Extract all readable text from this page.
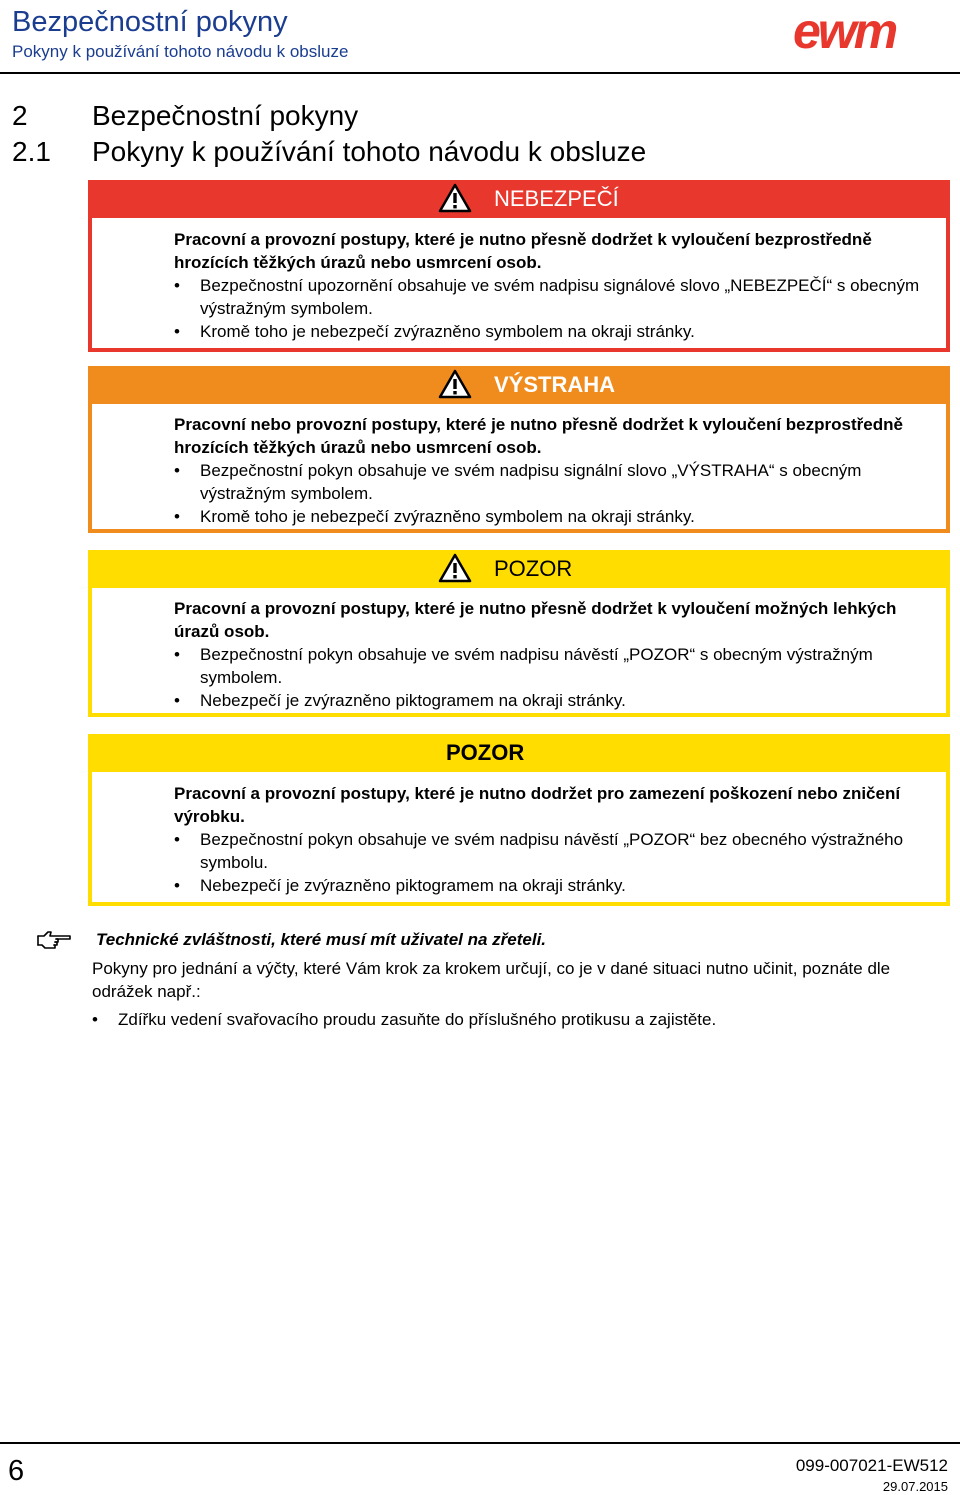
Bezpečnostní pokyny
Pokyny k používání tohoto návodu k obsluze	ewm
2 Bezpečnostní pokyny
2.1 Pokyny k používání tohoto návodu k obsluze
NEBEZPEČÍ
Pracovní a provozní postupy, které je nutno přesně dodržet k vyloučení bezprostředně hrozících těžkých úrazů nebo usmrcení osob.
• Bezpečnostní upozornění obsahuje ve svém nadpisu signálové slovo „NEBEZPEČÍ“ s obecným výstražným symbolem.
• Kromě toho je nebezpečí zvýrazněno symbolem na okraji stránky.
VÝSTRAHA
Pracovní nebo provozní postupy, které je nutno přesně dodržet k vyloučení bezprostředně hrozících těžkých úrazů nebo usmrcení osob.
• Bezpečnostní pokyn obsahuje ve svém nadpisu signální slovo „VÝSTRAHA“ s obecným výstražným symbolem.
• Kromě toho je nebezpečí zvýrazněno symbolem na okraji stránky.
POZOR
Pracovní a provozní postupy, které je nutno přesně dodržet k vyloučení možných lehkých úrazů osob.
• Bezpečnostní pokyn obsahuje ve svém nadpisu návěstí „POZOR“ s obecným výstražným symbolem.
• Nebezpečí je zvýrazněno piktogramem na okraji stránky.
POZOR
Pracovní a provozní postupy, které je nutno dodržet pro zamezení poškození nebo zničení výrobku.
• Bezpečnostní pokyn obsahuje ve svém nadpisu návěstí „POZOR“ bez obecného výstražného symbolu.
• Nebezpečí je zvýrazněno piktogramem na okraji stránky.
Technické zvláštnosti, které musí mít uživatel na zřeteli.
Pokyny pro jednání a výčty, které Vám krok za krokem určují, co je v dané situaci nutno učinit, poznáte dle odrážek např.:
• Zdířku vedení svařovacího proudu zasuňte do příslušného protikusu a zajistěte.
6	099-007021-EW512
29.07.2015
